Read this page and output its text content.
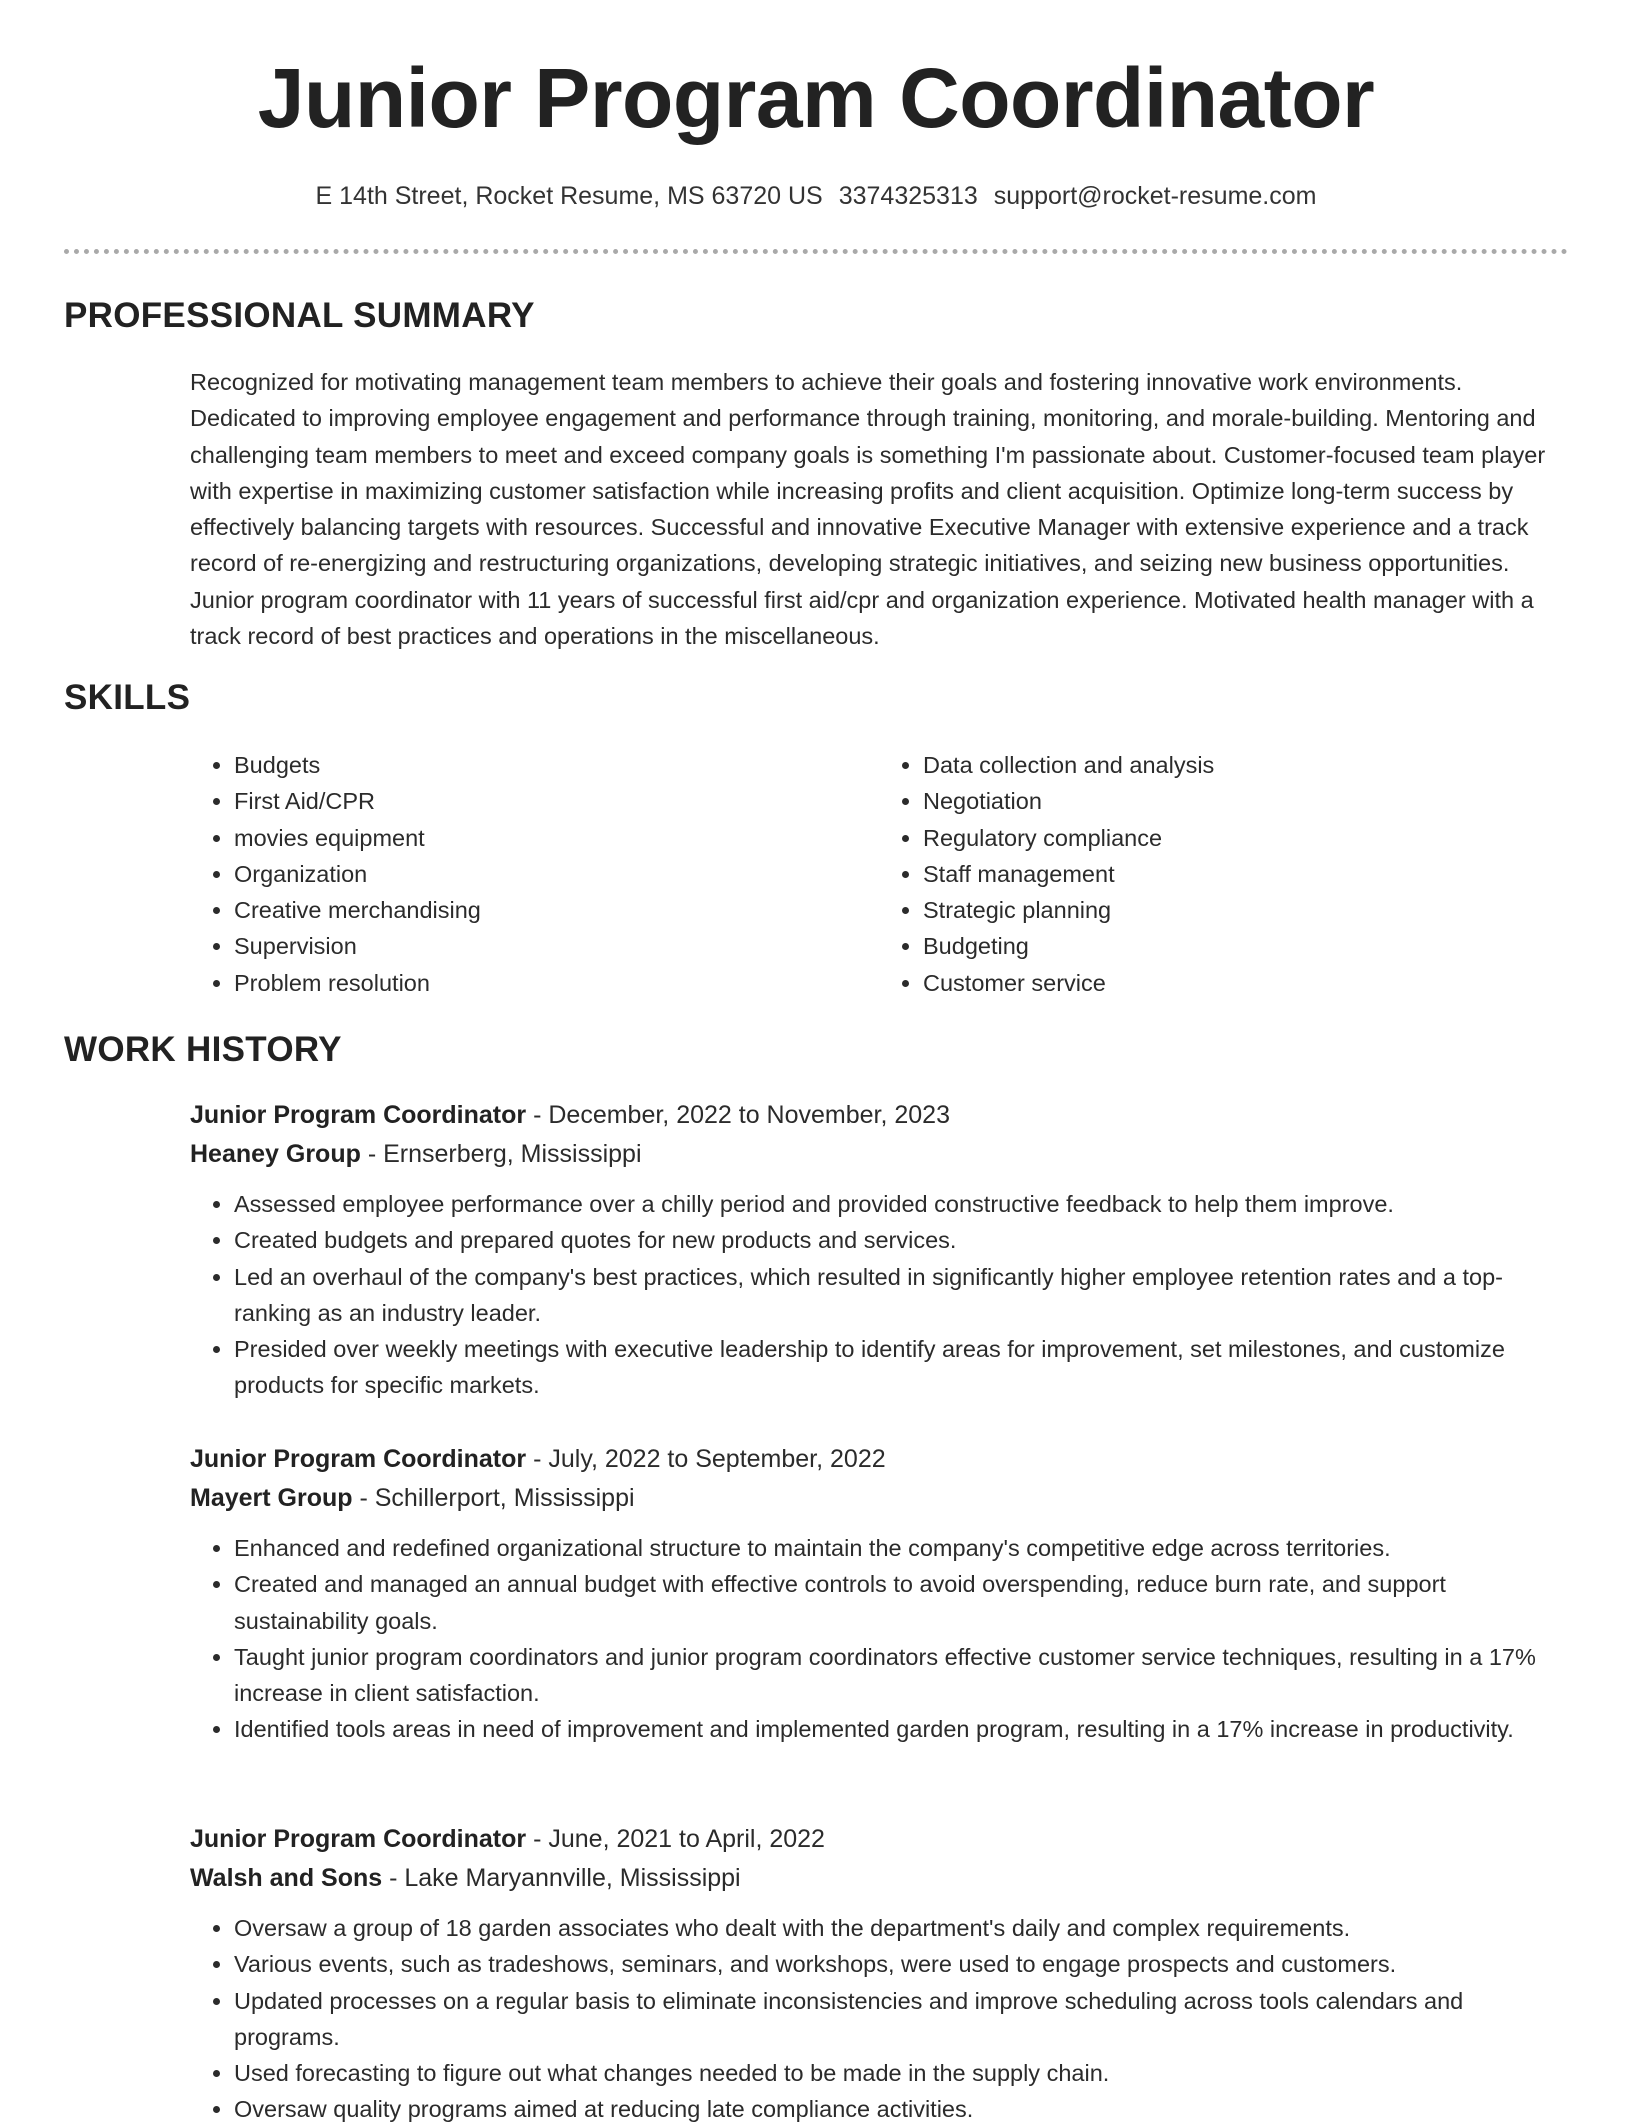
Junior Program Coordinator
E 14th Street, Rocket Resume, MS 63720 US 3374325313 support@rocket-resume.com
PROFESSIONAL SUMMARY
Recognized for motivating management team members to achieve their goals and fostering innovative work environments. Dedicated to improving employee engagement and performance through training, monitoring, and morale-building. Mentoring and challenging team members to meet and exceed company goals is something I'm passionate about. Customer-focused team player with expertise in maximizing customer satisfaction while increasing profits and client acquisition. Optimize long-term success by effectively balancing targets with resources. Successful and innovative Executive Manager with extensive experience and a track record of re-energizing and restructuring organizations, developing strategic initiatives, and seizing new business opportunities. Junior program coordinator with 11 years of successful first aid/cpr and organization experience. Motivated health manager with a track record of best practices and operations in the miscellaneous.
SKILLS
• Budgets
• First Aid/CPR
• movies equipment
• Organization
• Creative merchandising
• Supervision
• Problem resolution
• Data collection and analysis
• Negotiation
• Regulatory compliance
• Staff management
• Strategic planning
• Budgeting
• Customer service
WORK HISTORY
Junior Program Coordinator - December, 2022 to November, 2023
Heaney Group - Ernserberg, Mississippi
• Assessed employee performance over a chilly period and provided constructive feedback to help them improve.
• Created budgets and prepared quotes for new products and services.
• Led an overhaul of the company's best practices, which resulted in significantly higher employee retention rates and a top-ranking as an industry leader.
• Presided over weekly meetings with executive leadership to identify areas for improvement, set milestones, and customize products for specific markets.
Junior Program Coordinator - July, 2022 to September, 2022
Mayert Group - Schillerport, Mississippi
• Enhanced and redefined organizational structure to maintain the company's competitive edge across territories.
• Created and managed an annual budget with effective controls to avoid overspending, reduce burn rate, and support sustainability goals.
• Taught junior program coordinators and junior program coordinators effective customer service techniques, resulting in a 17% increase in client satisfaction.
• Identified tools areas in need of improvement and implemented garden program, resulting in a 17% increase in productivity.
Junior Program Coordinator - June, 2021 to April, 2022
Walsh and Sons - Lake Maryannville, Mississippi
• Oversaw a group of 18 garden associates who dealt with the department's daily and complex requirements.
• Various events, such as tradeshows, seminars, and workshops, were used to engage prospects and customers.
• Updated processes on a regular basis to eliminate inconsistencies and improve scheduling across tools calendars and programs.
• Used forecasting to figure out what changes needed to be made in the supply chain.
• Oversaw quality programs aimed at reducing late compliance activities.
